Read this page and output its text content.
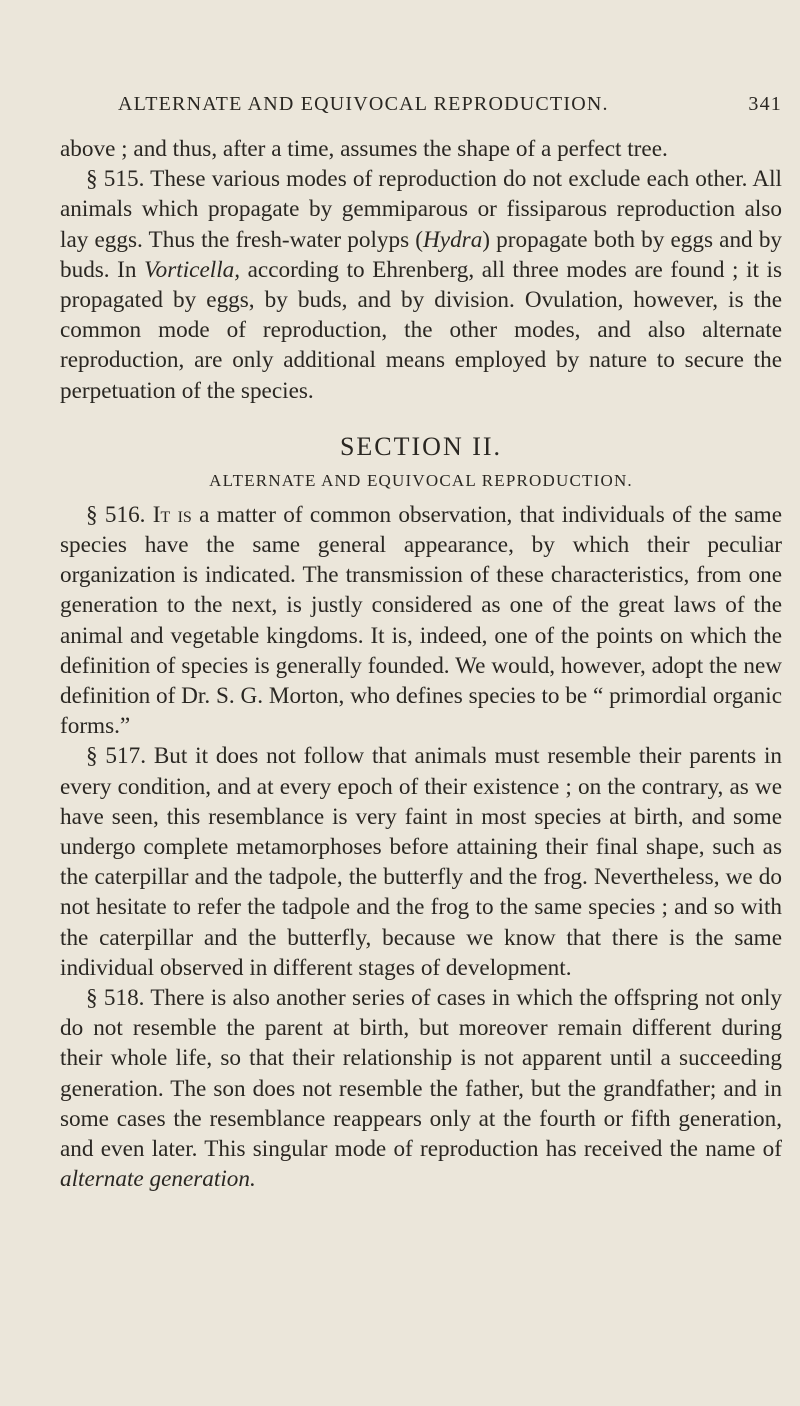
ALTERNATE AND EQUIVOCAL REPRODUCTION.	341

above ; and thus, after a time, assumes the shape of a perfect tree.

§ 515. These various modes of reproduction do not exclude each other. All animals which propagate by gemmiparous or fissiparous reproduction also lay eggs. Thus the fresh-water polyps (Hydra) propagate both by eggs and by buds. In Vorticella, according to Ehrenberg, all three modes are found ; it is propagated by eggs, by buds, and by division. Ovulation, however, is the common mode of reproduction, the other modes, and also alternate reproduction, are only additional means employed by nature to secure the perpetuation of the species.

SECTION II.

ALTERNATE AND EQUIVOCAL REPRODUCTION.

§ 516. It is a matter of common observation, that individuals of the same species have the same general appearance, by which their peculiar organization is indicated. The transmission of these characteristics, from one generation to the next, is justly considered as one of the great laws of the animal and vegetable kingdoms. It is, indeed, one of the points on which the definition of species is generally founded. We would, however, adopt the new definition of Dr. S. G. Morton, who defines species to be “ primordial organic forms.”

§ 517. But it does not follow that animals must resemble their parents in every condition, and at every epoch of their existence ; on the contrary, as we have seen, this resemblance is very faint in most species at birth, and some undergo complete metamorphoses before attaining their final shape, such as the caterpillar and the tadpole, the butterfly and the frog. Nevertheless, we do not hesitate to refer the tadpole and the frog to the same species ; and so with the caterpillar and the butterfly, because we know that there is the same individual observed in different stages of development.

§ 518. There is also another series of cases in which the offspring not only do not resemble the parent at birth, but moreover remain different during their whole life, so that their relationship is not apparent until a succeeding generation. The son does not resemble the father, but the grandfather; and in some cases the resemblance reappears only at the fourth or fifth generation, and even later. This singular mode of reproduction has received the name of alternate generation.
